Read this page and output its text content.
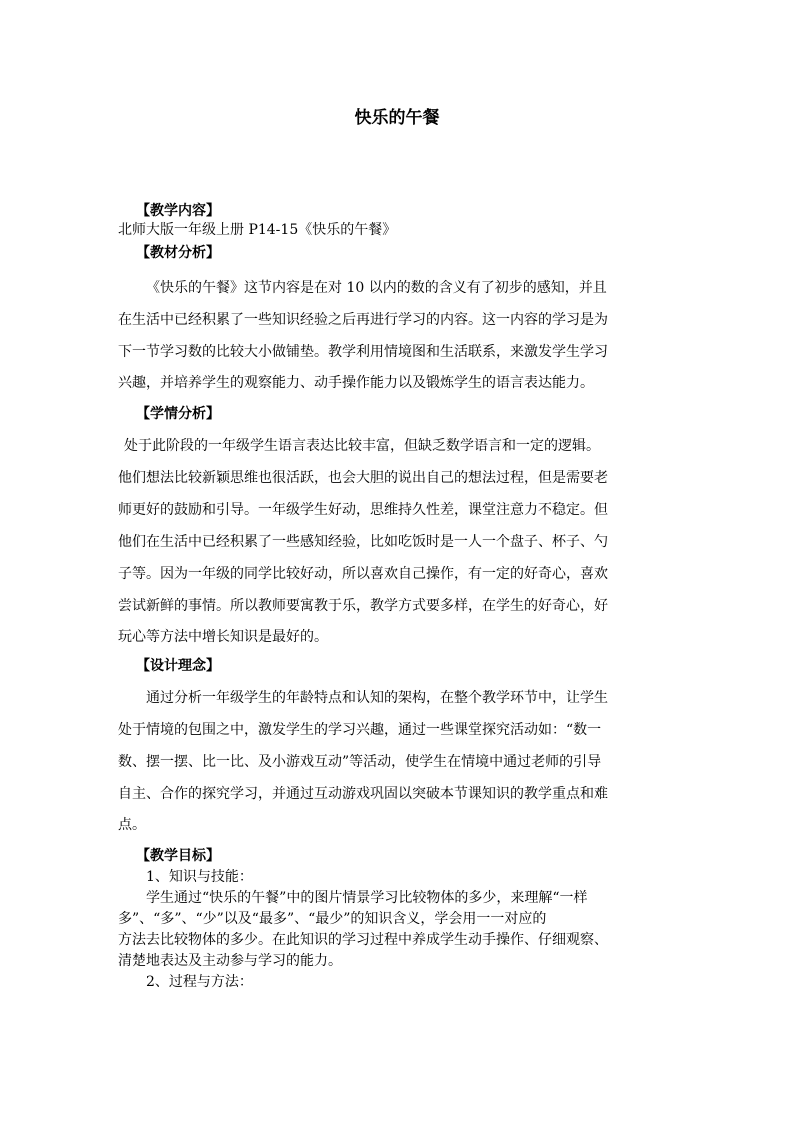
快乐的午餐
【教学内容】
北师大版一年级上册 P14-15《快乐的午餐》
【教材分析】
《快乐的午餐》这节内容是在对 10 以内的数的含义有了初步的感知，并且
在生活中已经积累了一些知识经验之后再进行学习的内容。这一内容的学习是为
下一节学习数的比较大小做铺垫。教学利用情境图和生活联系，来激发学生学习
兴趣，并培养学生的观察能力、动手操作能力以及锻炼学生的语言表达能力。
【学情分析】
处于此阶段的一年级学生语言表达比较丰富，但缺乏数学语言和一定的逻辑。
他们想法比较新颖思维也很活跃，也会大胆的说出自己的想法过程，但是需要老
师更好的鼓励和引导。一年级学生好动，思维持久性差，课堂注意力不稳定。但
他们在生活中已经积累了一些感知经验，比如吃饭时是一人一个盘子、杯子、勺
子等。因为一年级的同学比较好动，所以喜欢自己操作，有一定的好奇心，喜欢
尝试新鲜的事情。所以教师要寓教于乐，教学方式要多样，在学生的好奇心，好
玩心等方法中增长知识是最好的。
【设计理念】
通过分析一年级学生的年龄特点和认知的架构，在整个教学环节中，让学生
处于情境的包围之中，激发学生的学习兴趣，通过一些课堂探究活动如：“数一
数、摆一摆、比一比、及小游戏互动”等活动，使学生在情境中通过老师的引导
自主、合作的探究学习，并通过互动游戏巩固以突破本节课知识的教学重点和难
点。
【教学目标】
1、知识与技能：
学生通过“快乐的午餐”中的图片情景学习比较物体的多少，来理解“一样
多”、“多”、“少”以及“最多”、“最少”的知识含义，学会用一一对应的
方法去比较物体的多少。在此知识的学习过程中养成学生动手操作、仔细观察、
清楚地表达及主动参与学习的能力。
2、过程与方法：
